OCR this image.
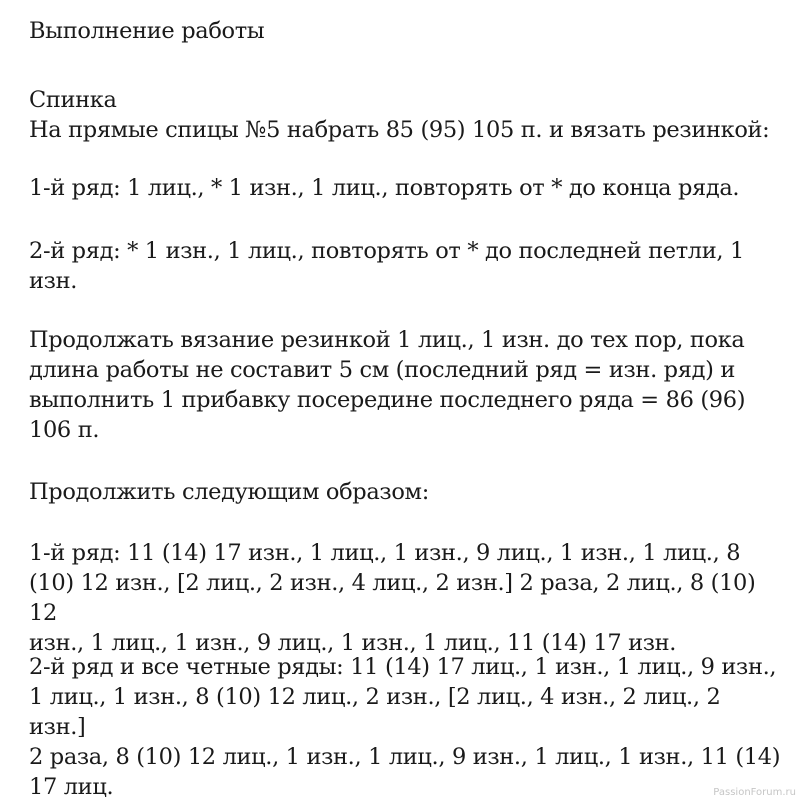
Выполнение работы

Спинка
На прямые спицы №5 набрать 85 (95) 105 п. и вязать резинкой:

1-й ряд: 1 лиц., * 1 изн., 1 лиц., повторять от * до конца ряда.

2-й ряд: * 1 изн., 1 лиц., повторять от * до последней петли, 1
изн.

Продолжать вязание резинкой 1 лиц., 1 изн. до тех пор, пока
длина работы не составит 5 см (последний ряд = изн. ряд) и
выполнить 1 прибавку посередине последнего ряда = 86 (96)
106 п.

Продолжить следующим образом:

1-й ряд: 11 (14) 17 изн., 1 лиц., 1 изн., 9 лиц., 1 изн., 1 лиц., 8
(10) 12 изн., [2 лиц., 2 изн., 4 лиц., 2 изн.] 2 раза, 2 лиц., 8 (10) 12
изн., 1 лиц., 1 изн., 9 лиц., 1 изн., 1 лиц., 11 (14) 17 изн.

2-й ряд и все четные ряды: 11 (14) 17 лиц., 1 изн., 1 лиц., 9 изн.,
1 лиц., 1 изн., 8 (10) 12 лиц., 2 изн., [2 лиц., 4 изн., 2 лиц., 2 изн.]
2 раза, 8 (10) 12 лиц., 1 изн., 1 лиц., 9 изн., 1 лиц., 1 изн., 11 (14)
17 лиц.	PassionForum.ru
